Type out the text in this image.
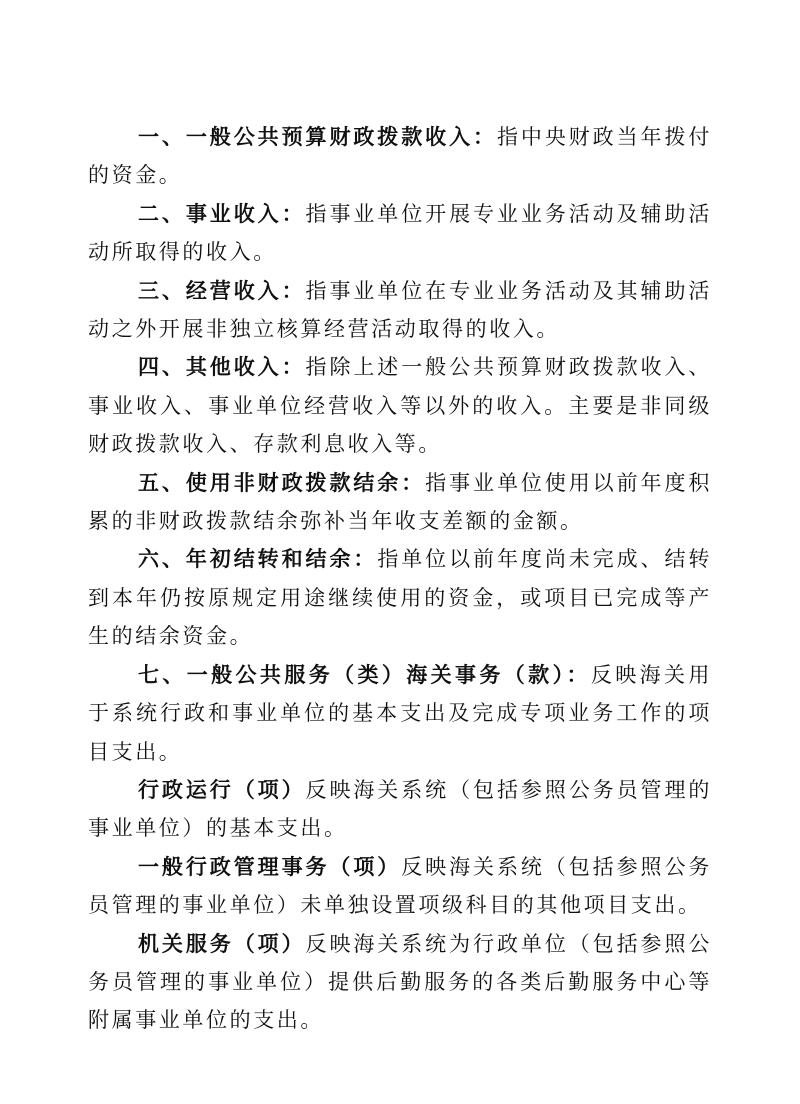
一、一般公共预算财政拨款收入：指中央财政当年拨付的资金。

二、事业收入：指事业单位开展专业业务活动及辅助活动所取得的收入。

三、经营收入：指事业单位在专业业务活动及其辅助活动之外开展非独立核算经营活动取得的收入。

四、其他收入：指除上述一般公共预算财政拨款收入、事业收入、事业单位经营收入等以外的收入。主要是非同级财政拨款收入、存款利息收入等。

五、使用非财政拨款结余：指事业单位使用以前年度积累的非财政拨款结余弥补当年收支差额的金额。

六、年初结转和结余：指单位以前年度尚未完成、结转到本年仍按原规定用途继续使用的资金，或项目已完成等产生的结余资金。

七、一般公共服务（类）海关事务（款）：反映海关用于系统行政和事业单位的基本支出及完成专项业务工作的项目支出。

行政运行（项）反映海关系统（包括参照公务员管理的事业单位）的基本支出。

一般行政管理事务（项）反映海关系统（包括参照公务员管理的事业单位）未单独设置项级科目的其他项目支出。

机关服务（项）反映海关系统为行政单位（包括参照公务员管理的事业单位）提供后勤服务的各类后勤服务中心等附属事业单位的支出。
